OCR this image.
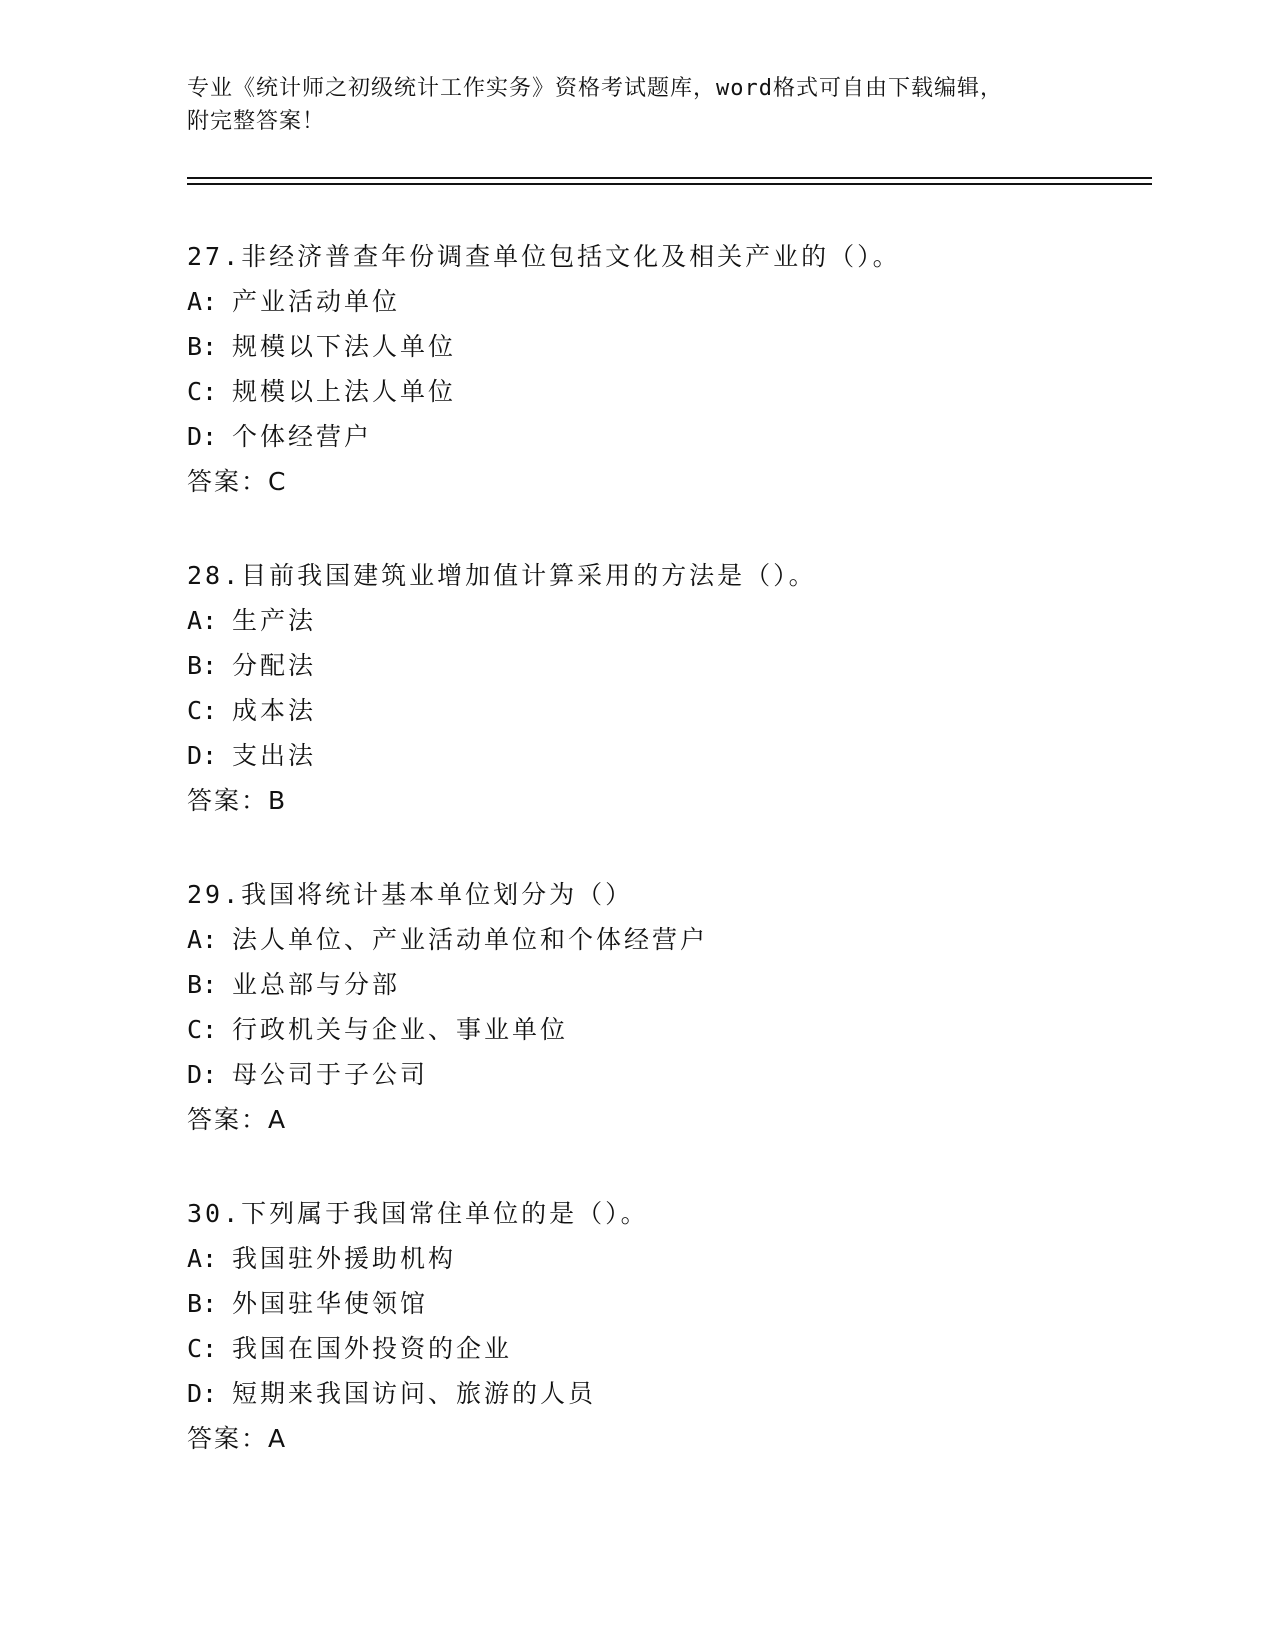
专业《统计师之初级统计工作实务》资格考试题库，word格式可自由下载编辑，
附完整答案！
27.非经济普查年份调查单位包括文化及相关产业的（）。
A: 产业活动单位
B: 规模以下法人单位
C: 规模以上法人单位
D: 个体经营户
答案：C
28.目前我国建筑业增加值计算采用的方法是（）。
A: 生产法
B: 分配法
C: 成本法
D: 支出法
答案：B
29.我国将统计基本单位划分为（）
A: 法人单位、产业活动单位和个体经营户
B: 业总部与分部
C: 行政机关与企业、事业单位
D: 母公司于子公司
答案：A
30.下列属于我国常住单位的是（）。
A: 我国驻外援助机构
B: 外国驻华使领馆
C: 我国在国外投资的企业
D: 短期来我国访问、旅游的人员
答案：A
